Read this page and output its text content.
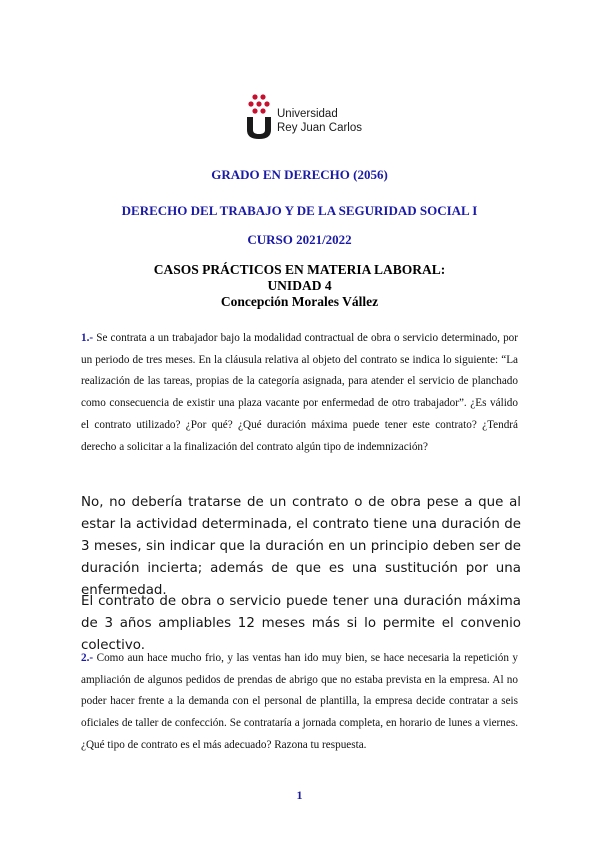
Universidad
Rey Juan Carlos
GRADO EN DERECHO (2056)
DERECHO DEL TRABAJO Y DE LA SEGURIDAD SOCIAL I
CURSO 2021/2022
CASOS PRÁCTICOS EN MATERIA LABORAL:
UNIDAD 4
Concepción Morales Vállez
1.- Se contrata a un trabajador bajo la modalidad contractual de obra o servicio determinado, por un periodo de tres meses. En la cláusula relativa al objeto del contrato se indica lo siguiente: “La realización de las tareas, propias de la categoría asignada, para atender el servicio de planchado como consecuencia de existir una plaza vacante por enfermedad de otro trabajador”. ¿Es válido el contrato utilizado? ¿Por qué? ¿Qué duración máxima puede tener este contrato? ¿Tendrá derecho a solicitar a la finalización del contrato algún tipo de indemnización?
No, no debería tratarse de un contrato o de obra pese a que al estar la actividad determinada, el contrato tiene una duración de 3 meses, sin indicar que la duración en un principio deben ser de duración incierta; además de que es una sustitución por una enfermedad.
El contrato de obra o servicio puede tener una duración máxima de 3 años ampliables 12 meses más si lo permite el convenio colectivo.
2.- Como aun hace mucho frio, y las ventas han ido muy bien, se hace necesaria la repetición y ampliación de algunos pedidos de prendas de abrigo que no estaba prevista en la empresa. Al no poder hacer frente a la demanda con el personal de plantilla, la empresa decide contratar a seis oficiales de taller de confección. Se contrataría a jornada completa, en horario de lunes a viernes. ¿Qué tipo de contrato es el más adecuado? Razona tu respuesta.
1
